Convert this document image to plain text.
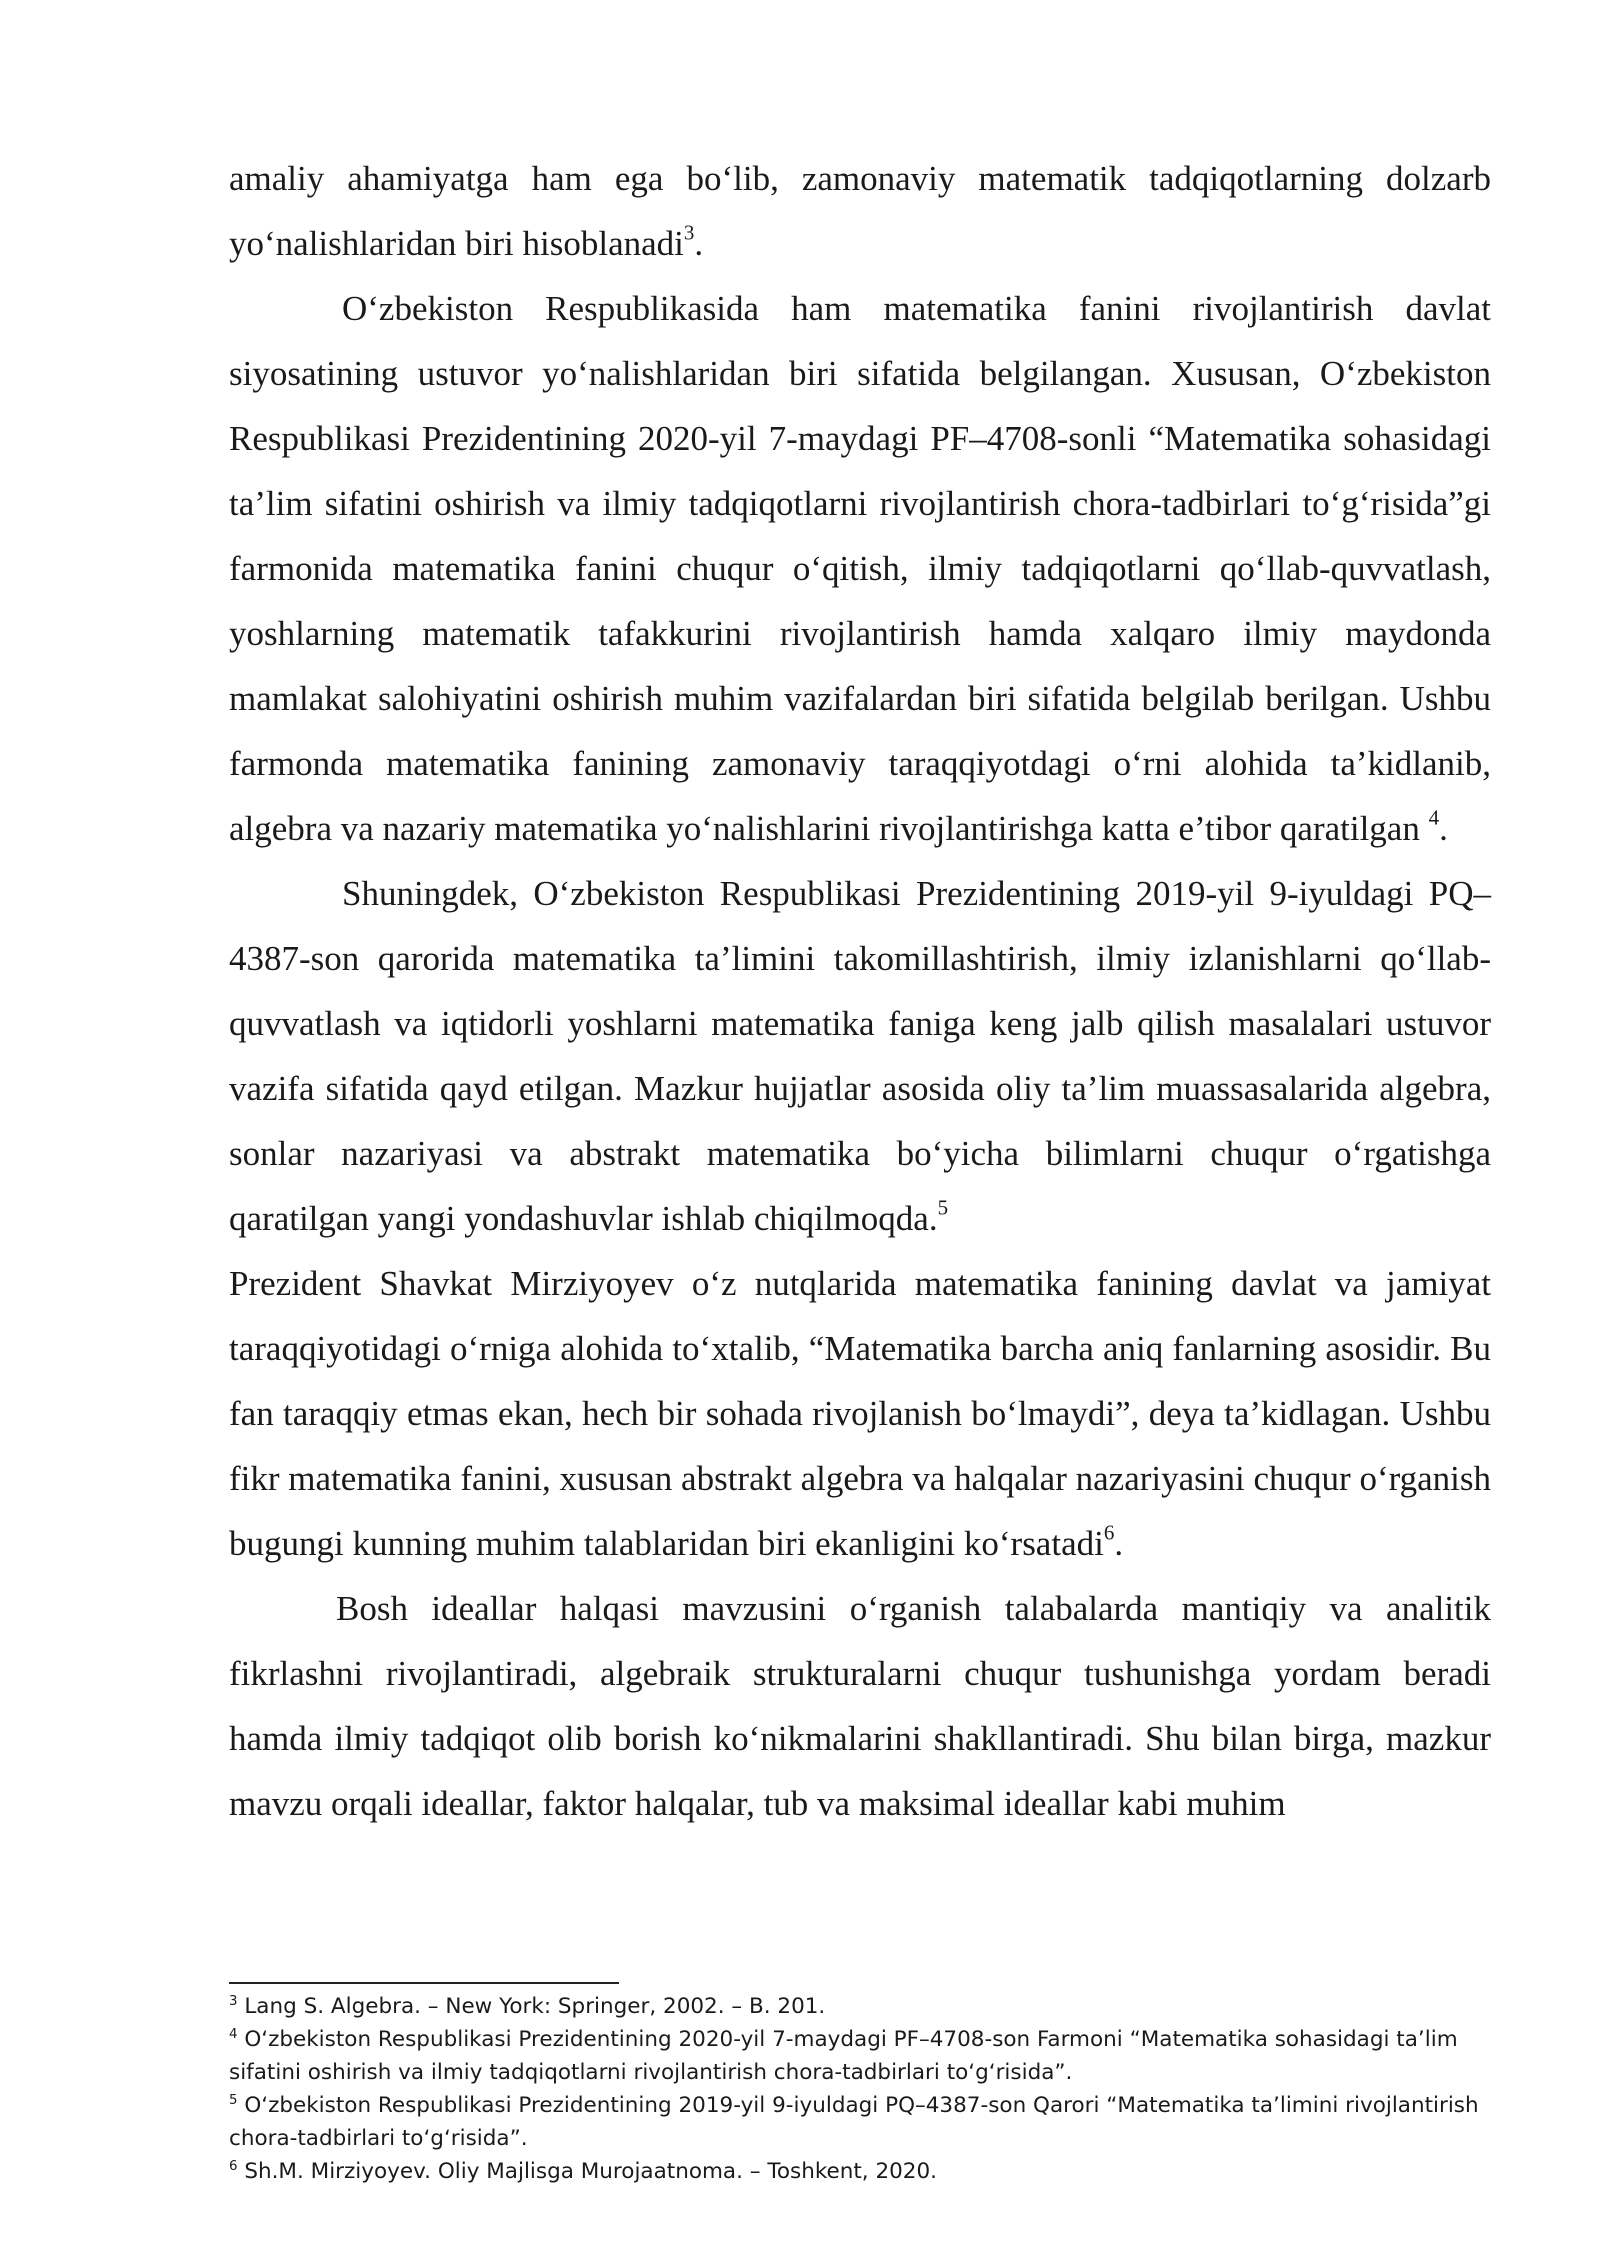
amaliy ahamiyatga ham ega bo‘lib, zamonaviy matematik tadqiqotlarning dolzarb yo‘nalishlaridan biri hisoblanadi$^3$.

O‘zbekiston Respublikasida ham matematika fanini rivojlantirish davlat siyosatining ustuvor yo‘nalishlaridan biri sifatida belgilangan. Xususan, O‘zbekiston Respublikasi Prezidentining 2020-yil 7-maydagi PF–4708-sonli “Matematika sohasidagi ta’lim sifatini oshirish va ilmiy tadqiqotlarni rivojlantirish chora-tadbirlari to‘g‘risida”gi farmonida matematika fanini chuqur o‘qitish, ilmiy tadqiqotlarni qo‘llab-quvvatlash, yoshlarning matematik tafakkurini rivojlantirish hamda xalqaro ilmiy maydonda mamlakat salohiyatini oshirish muhim vazifalardan biri sifatida belgilab berilgan. Ushbu farmonda matematika fanining zamonaviy taraqqiyotdagi o‘rni alohida ta’kidlanib, algebra va nazariy matematika yo‘nalishlarini rivojlantirishga katta e’tibor qaratilgan $^4$.

Shuningdek, O‘zbekiston Respublikasi Prezidentining 2019-yil 9-iyuldagi PQ–4387-son qarorida matematika ta’limini takomillashtirish, ilmiy izlanishlarni qo‘llab-quvvatlash va iqtidorli yoshlarni matematika faniga keng jalb qilish masalalari ustuvor vazifa sifatida qayd etilgan. Mazkur hujjatlar asosida oliy ta’lim muassasalarida algebra, sonlar nazariyasi va abstrakt matematika bo‘yicha bilimlarni chuqur o‘rgatishga qaratilgan yangi yondashuvlar ishlab chiqilmoqda.$^5$

Prezident Shavkat Mirziyoyev o‘z nutqlarida matematika fanining davlat va jamiyat taraqqiyotidagi o‘rniga alohida to‘xtalib, “Matematika barcha aniq fanlarning asosidir. Bu fan taraqqiy etmas ekan, hech bir sohada rivojlanish bo‘lmaydi”, deya ta’kidlagan. Ushbu fikr matematika fanini, xususan abstrakt algebra va halqalar nazariyasini chuqur o‘rganish bugungi kunning muhim talablaridan biri ekanligini ko‘rsatadi$^6$.

Bosh ideallar halqasi mavzusini o‘rganish talabalarda mantiqiy va analitik fikrlashni rivojlantiradi, algebraik strukturalarni chuqur tushunishga yordam beradi hamda ilmiy tadqiqot olib borish ko‘nikmalarini shakllantiradi. Shu bilan birga, mazkur mavzu orqali ideallar, faktor halqalar, tub va maksimal ideallar kabi muhim

$^3$ Lang S. Algebra. – New York: Springer, 2002. – B. 201.

$^4$ O‘zbekiston Respublikasi Prezidentining 2020-yil 7-maydagi PF–4708-son Farmoni “Matematika sohasidagi ta’lim sifatini oshirish va ilmiy tadqiqotlarni rivojlantirish chora-tadbirlari to‘g‘risida”.

$^5$ O‘zbekiston Respublikasi Prezidentining 2019-yil 9-iyuldagi PQ–4387-son Qarori “Matematika ta’limini rivojlantirish chora-tadbirlari to‘g‘risida”.

$^6$ Sh.M. Mirziyoyev. Oliy Majlisga Murojaatnoma. – Toshkent, 2020.
